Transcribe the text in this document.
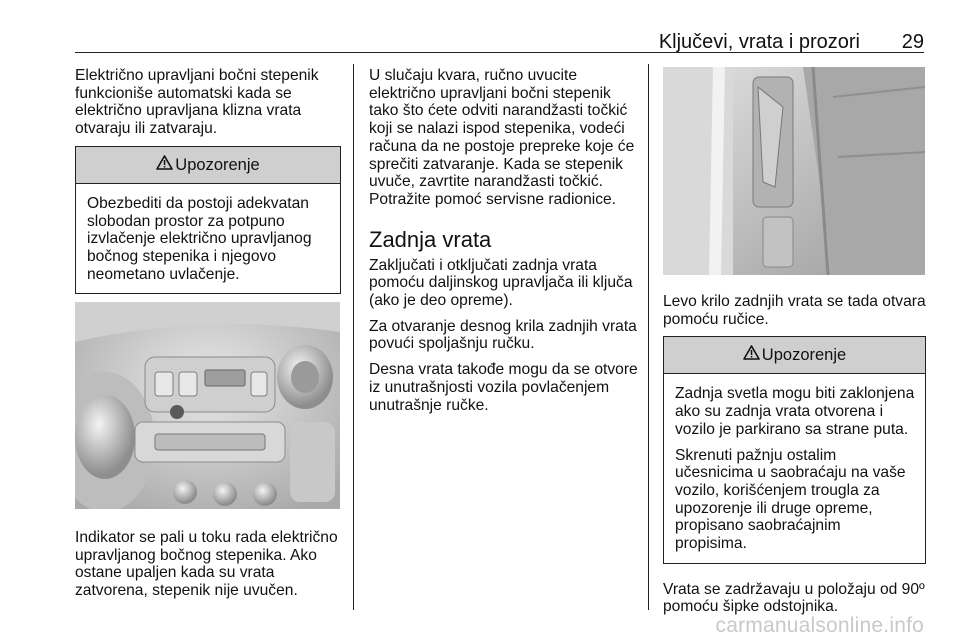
Ključevi, vrata i prozori 29

Električno upravljani bočni stepenik funkcioniše automatski kada se električno upravljana klizna vrata otvaraju ili zatvaraju.

Upozorenje

Obezbediti da postoji adekvatan slobodan prostor za potpuno izvlačenje električno upravljanog bočnog stepenika i njegovo neometano uvlačenje.

Indikator se pali u toku rada električno upravljanog bočnog stepenika. Ako ostane upaljen kada su vrata zatvorena, stepenik nije uvučen.

U slučaju kvara, ručno uvucite električno upravljani bočni stepenik tako što ćete odviti narandžasti točkić koji se nalazi ispod stepenika, vodeći računa da ne postoje prepreke koje će sprečiti zatvaranje. Kada se stepenik uvuče, zavrtite narandžasti točkić. Potražite pomoć servisne radionice.

Zadnja vrata

Zaključati i otključati zadnja vrata pomoću daljinskog upravljača ili ključa (ako je deo opreme).

Za otvaranje desnog krila zadnjih vrata povući spoljašnju ručku.

Desna vrata takođe mogu da se otvore iz unutrašnjosti vozila povlačenjem unutrašnje ručke.

Levo krilo zadnjih vrata se tada otvara pomoću ručice.

Upozorenje

Zadnja svetla mogu biti zaklonjena ako su zadnja vrata otvorena i vozilo je parkirano sa strane puta.

Skrenuti pažnju ostalim učesnicima u saobraćaju na vaše vozilo, korišćenjem trougla za upozorenje ili druge opreme, propisano saobraćajnim propisima.

Vrata se zadržavaju u položaju od 90º pomoću šipke odstojnika.

carmanualsonline.info
